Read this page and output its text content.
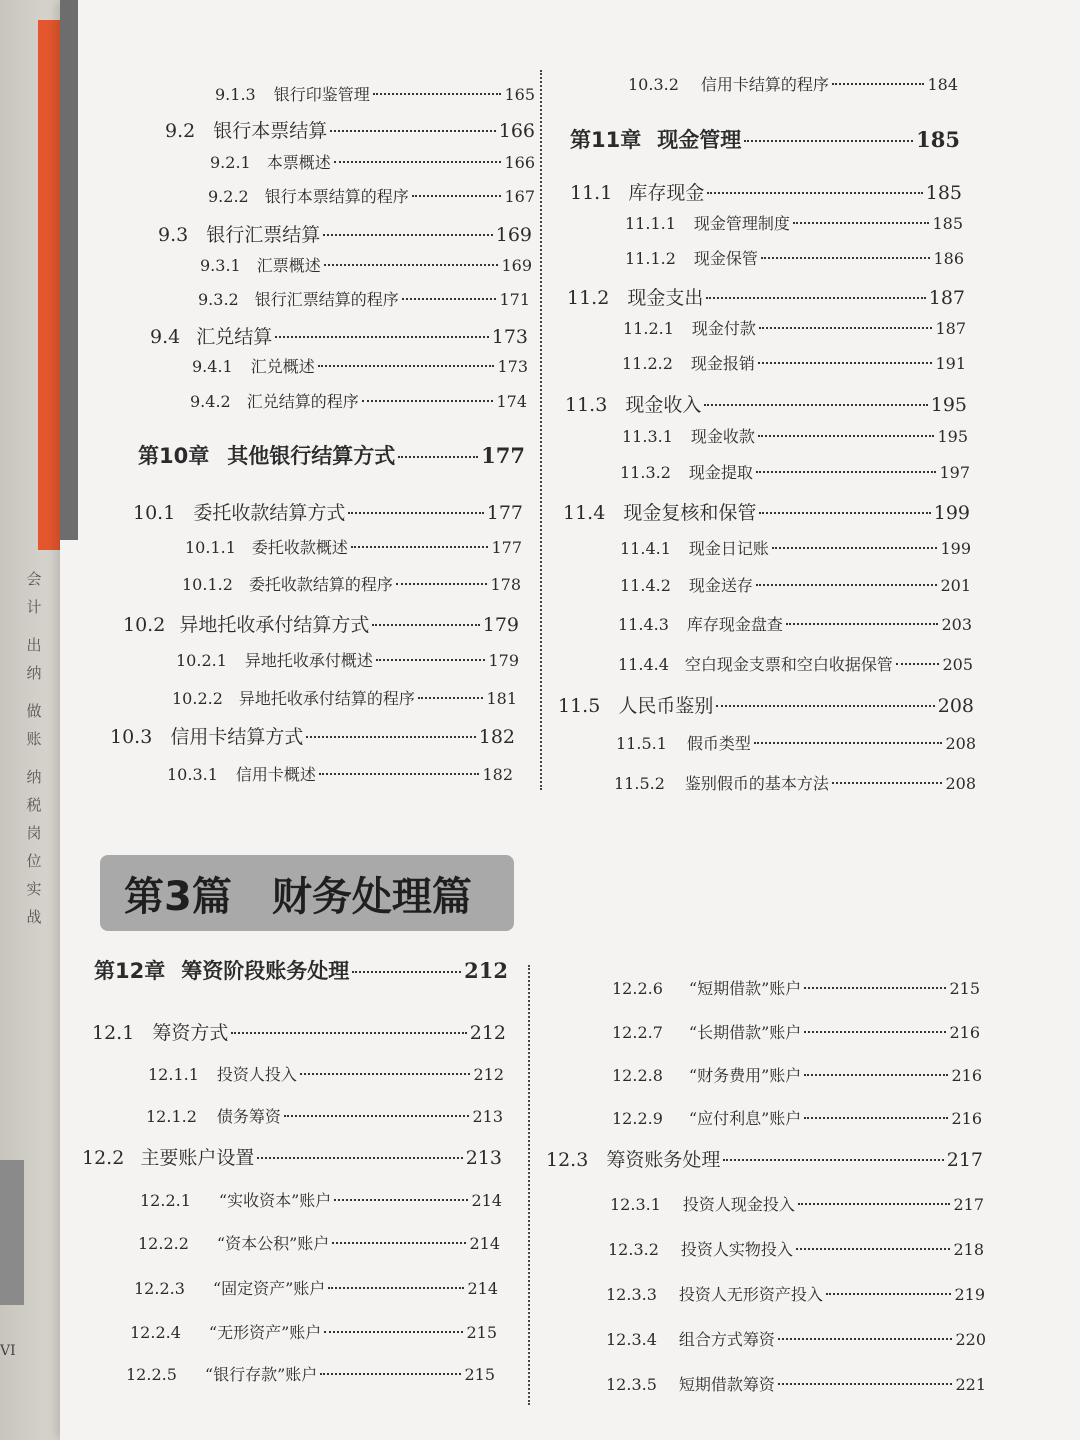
会
计
出
纳
做
账
纳
税
岗
位
实
战
VI
第3篇 财务处理篇
9.1.3 银行印鉴管理	165
9.2 银行本票结算	166
9.2.1 本票概述	166
9.2.2 银行本票结算的程序	167
9.3 银行汇票结算	169
9.3.1 汇票概述	169
9.3.2 银行汇票结算的程序	171
9.4 汇兑结算	173
9.4.1 汇兑概述	173
9.4.2 汇兑结算的程序	174
第10章 其他银行结算方式	177
10.1 委托收款结算方式	177
10.1.1 委托收款概述	177
10.1.2 委托收款结算的程序	178
10.2 异地托收承付结算方式	179
10.2.1 异地托收承付概述	179
10.2.2 异地托收承付结算的程序	181
10.3 信用卡结算方式	182
10.3.1 信用卡概述	182
10.3.2 信用卡结算的程序	184
第11章 现金管理	185
11.1 库存现金	185
11.1.1 现金管理制度	185
11.1.2 现金保管	186
11.2 现金支出	187
11.2.1 现金付款	187
11.2.2 现金报销	191
11.3 现金收入	195
11.3.1 现金收款	195
11.3.2 现金提取	197
11.4 现金复核和保管	199
11.4.1 现金日记账	199
11.4.2 现金送存	201
11.4.3 库存现金盘查	203
11.4.4 空白现金支票和空白收据保管	205
11.5 人民币鉴别	208
11.5.1 假币类型	208
11.5.2 鉴别假币的基本方法	208
第12章 筹资阶段账务处理	212
12.1 筹资方式	212
12.1.1 投资人投入	212
12.1.2 债务筹资	213
12.2 主要账户设置	213
12.2.1 “实收资本”账户	214
12.2.2 “资本公积”账户	214
12.2.3 “固定资产”账户	214
12.2.4 “无形资产”账户	215
12.2.5 “银行存款”账户	215
12.2.6 “短期借款”账户	215
12.2.7 “长期借款”账户	216
12.2.8 “财务费用”账户	216
12.2.9 “应付利息”账户	216
12.3 筹资账务处理	217
12.3.1 投资人现金投入	217
12.3.2 投资人实物投入	218
12.3.3 投资人无形资产投入	219
12.3.4 组合方式筹资	220
12.3.5 短期借款筹资	221
